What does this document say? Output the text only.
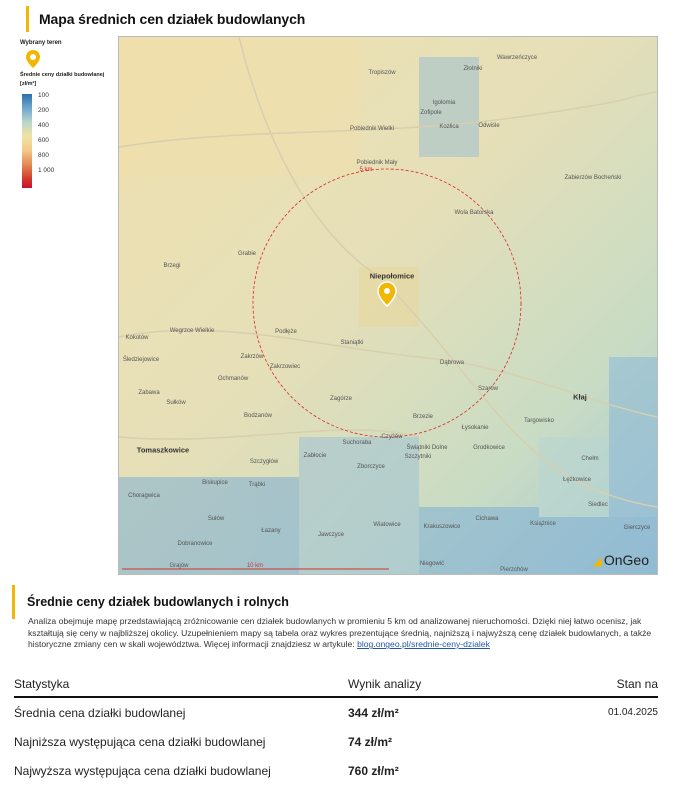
Mapa średnich cen działek budowlanych
Wybrany teren
Średnie ceny działki budowlanej
[zł/m²]
100
200
400
600
800
1 000
Wawrzeńczyce
Złotniki
Tropiszów
Igołomia
Zofipole
Kozłica	Odwiśle
Pobiednik Wielki
Zabierzów Bocheński
Pobiednik Mały
Wola Batorska
Brzegi
Grabie
Niepołomice
Kokotów
Wegrzce Wielkie	Podłęże
Staniątki
Śledziejowice	Zakrzów
Zakrzowiec
Ochmanów
Dąbrowa
Zabawa
Sułków
Bodzanów
Zagórze
Szarów
Kłaj
Brzezie
Targowisko
Łysokanie
Tomaszkowice
Czyżów
Suchoraba
Zabłocie
Świątniki Dolne
Szczytniki
Grodkowice
Chełm
Szczygłów
Zborczyce
Łężkowice
Biskupice	Trąbki
Choragwica
Siedlec
Sułów
Łazany
Cichawa
Wiatowice	Krakuszowice	Książnice
Gierczyce
Dobranowice
Jawczyce
Grajów	Niegowić
Pierzchów
5 km
10 km	◢ OnGeo
Średnie ceny działek budowlanych i rolnych
Analiza obejmuje mapę przedstawiającą zróżnicowanie cen działek budowlanych w promieniu 5 km od analizowanej nieruchomości. Dzięki niej łatwo ocenisz, jak kształtują się ceny w najbliższej okolicy. Uzupełnieniem mapy są tabela oraz wykres prezentujące średnią, najniższą i najwyższą cenę działek budowlanych, a także historyczne zmiany cen w skali województwa. Więcej informacji znajdziesz w artykule: blog.ongeo.pl/srednie-ceny-dzialek
Statystyka	Wynik analizy	Stan na
Średnia cena działki budowlanej	344 zł/m²	01.04.2025
Najniższa występująca cena działki budowlanej	74 zł/m²
Najwyższa występująca cena działki budowlanej	760 zł/m²
